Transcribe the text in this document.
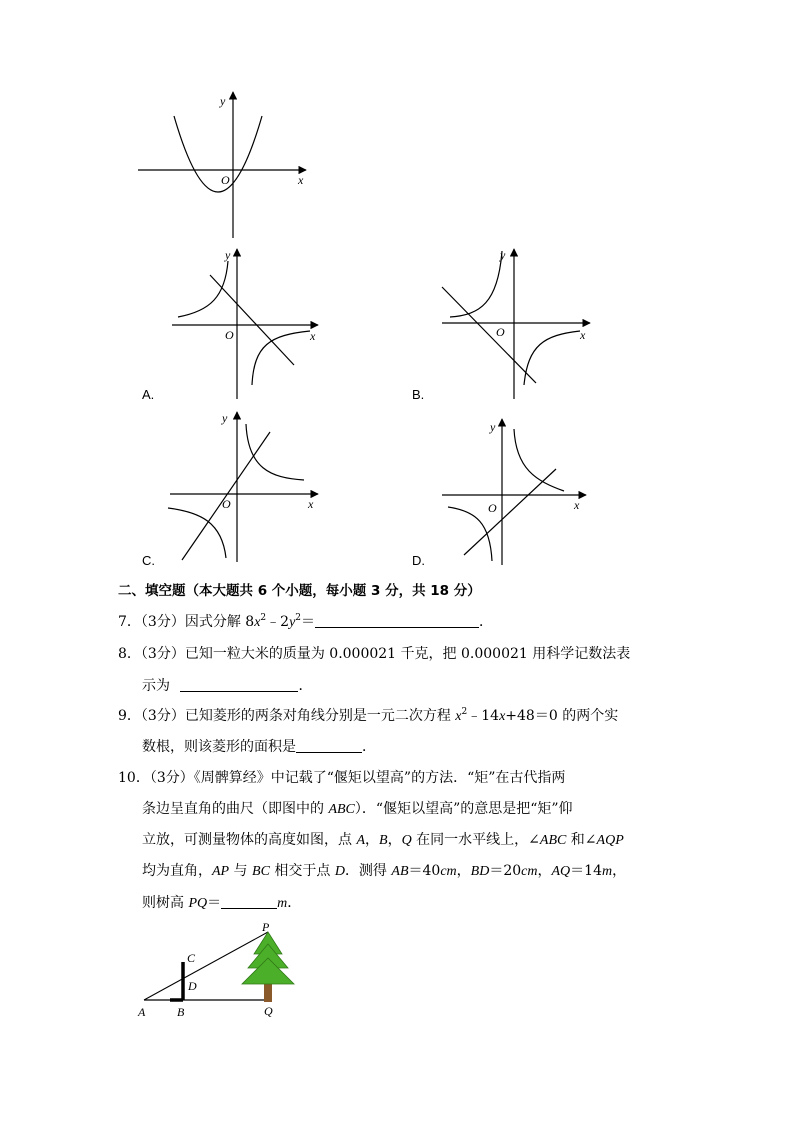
y
x
O
y
x
O
A.
y
x
O
B.
y
x
O
C.
y
x
O
D.
二、填空题（本大题共 6 个小题，每小题 3 分，共 18 分）
7．（3分）因式分解 $8x^2﹣2y^2=$	．
8．（3分）已知一粒大米的质量为 0.000021 千克，把 0.000021 用科学记数法表
示为	．
9．（3分）已知菱形的两条对角线分别是一元二次方程 $x^2﹣14x+48=0$ 的两个实
数根，则该菱形的面积是	．
10．（3分）《周髀算经》中记载了“偃矩以望高”的方法．“矩”在古代指两
条边呈直角的曲尺（即图中的 ABC）．“偃矩以望高”的意思是把“矩”仰
立放，可测量物体的高度如图，点 A，B，Q 在同一水平线上，∠ABC 和∠AQP
均为直角，AP 与 BC 相交于点 D．测得 AB＝40cm，BD＝20cm，AQ＝14m，
则树高 PQ＝	m．
A	B
C
D
P
Q
